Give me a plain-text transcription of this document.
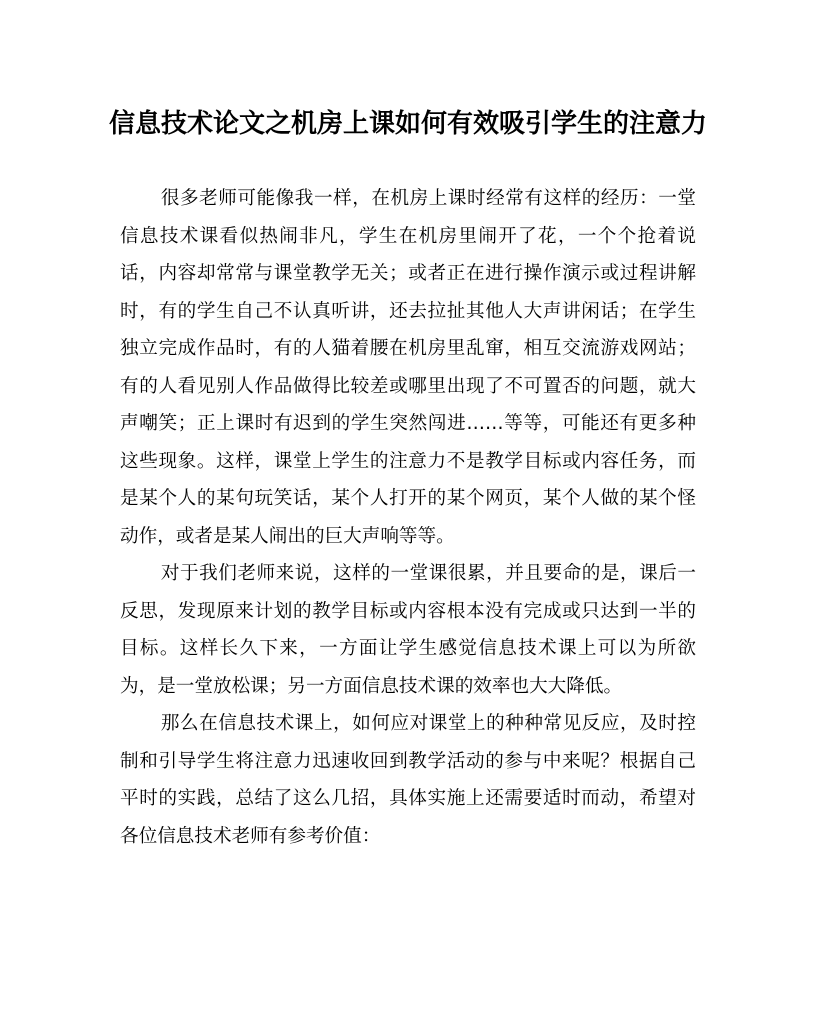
信息技术论文之机房上课如何有效吸引学生的注意力

很多老师可能像我一样，在机房上课时经常有这样的经历：一堂信息技术课看似热闹非凡，学生在机房里闹开了花，一个个抢着说话，内容却常常与课堂教学无关；或者正在进行操作演示或过程讲解时，有的学生自己不认真听讲，还去拉扯其他人大声讲闲话；在学生独立完成作品时，有的人猫着腰在机房里乱窜，相互交流游戏网站；有的人看见别人作品做得比较差或哪里出现了不可置否的问题，就大声嘲笑；正上课时有迟到的学生突然闯进……等等，可能还有更多种这些现象。这样，课堂上学生的注意力不是教学目标或内容任务，而是某个人的某句玩笑话，某个人打开的某个网页，某个人做的某个怪动作，或者是某人闹出的巨大声响等等。

对于我们老师来说，这样的一堂课很累，并且要命的是，课后一反思，发现原来计划的教学目标或内容根本没有完成或只达到一半的目标。这样长久下来，一方面让学生感觉信息技术课上可以为所欲为，是一堂放松课；另一方面信息技术课的效率也大大降低。

那么在信息技术课上，如何应对课堂上的种种常见反应，及时控制和引导学生将注意力迅速收回到教学活动的参与中来呢？根据自己平时的实践，总结了这么几招，具体实施上还需要适时而动，希望对各位信息技术老师有参考价值：
